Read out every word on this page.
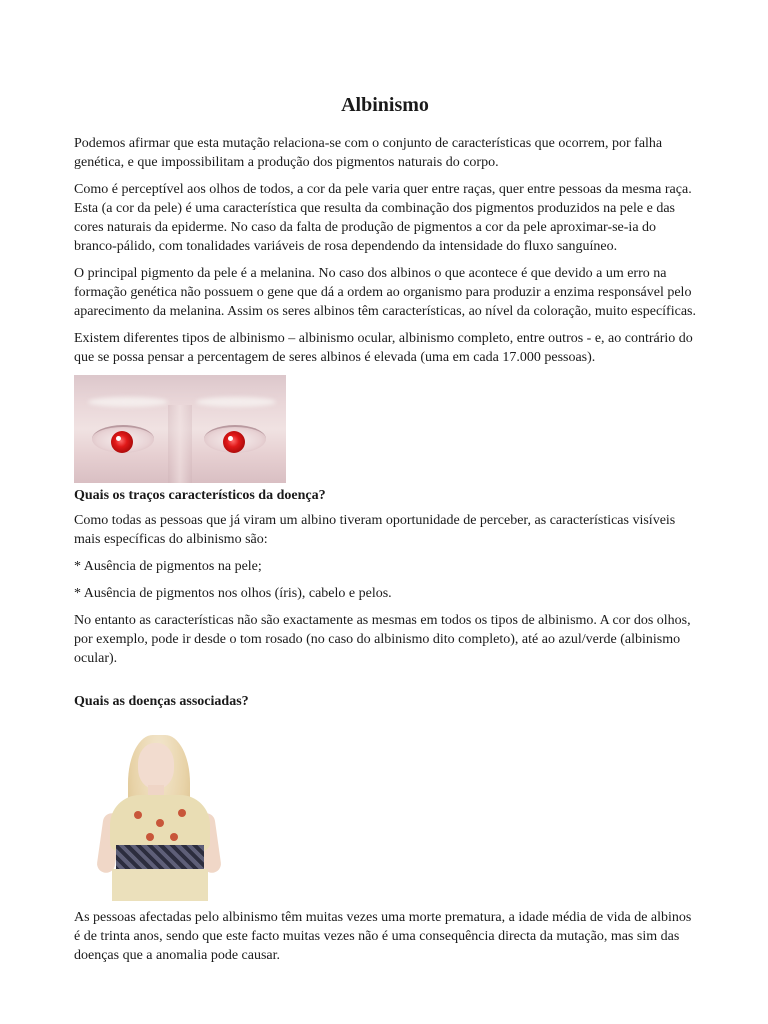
Albinismo

Podemos afirmar que esta mutação relaciona-se com o conjunto de características que ocorrem, por falha genética, e que impossibilitam a produção dos pigmentos naturais do corpo.

Como é perceptível aos olhos de todos, a cor da pele varia quer entre raças, quer entre pessoas da mesma raça. Esta (a cor da pele) é uma característica que resulta da combinação dos pigmentos produzidos na pele e das cores naturais da epiderme. No caso da falta de produção de pigmentos a cor da pele aproximar-se-ia do branco-pálido, com tonalidades variáveis de rosa dependendo da intensidade do fluxo sanguíneo.

O principal pigmento da pele é a melanina. No caso dos albinos o que acontece é que devido a um erro na formação genética não possuem o gene que dá a ordem ao organismo para produzir a enzima responsável pelo aparecimento da melanina. Assim os seres albinos têm características, ao nível da coloração, muito específicas.

Existem diferentes tipos de albinismo – albinismo ocular, albinismo completo, entre outros - e, ao contrário do que se possa pensar a percentagem de seres albinos é elevada (uma em cada 17.000 pessoas).

Quais os traços característicos da doença?

Como todas as pessoas que já viram um albino tiveram oportunidade de perceber, as características visíveis mais específicas do albinismo são:

* Ausência de pigmentos na pele;

* Ausência de pigmentos nos olhos (íris), cabelo e pelos.

No entanto as características não são exactamente as mesmas em todos os tipos de albinismo. A cor dos olhos, por exemplo, pode ir desde o tom rosado (no caso do albinismo dito completo), até ao azul/verde (albinismo ocular).

Quais as doenças associadas?

As pessoas afectadas pelo albinismo têm muitas vezes uma morte prematura, a idade média de vida de albinos é de trinta anos, sendo que este facto muitas vezes não é uma consequência directa da mutação, mas sim das doenças que a anomalia pode causar.
